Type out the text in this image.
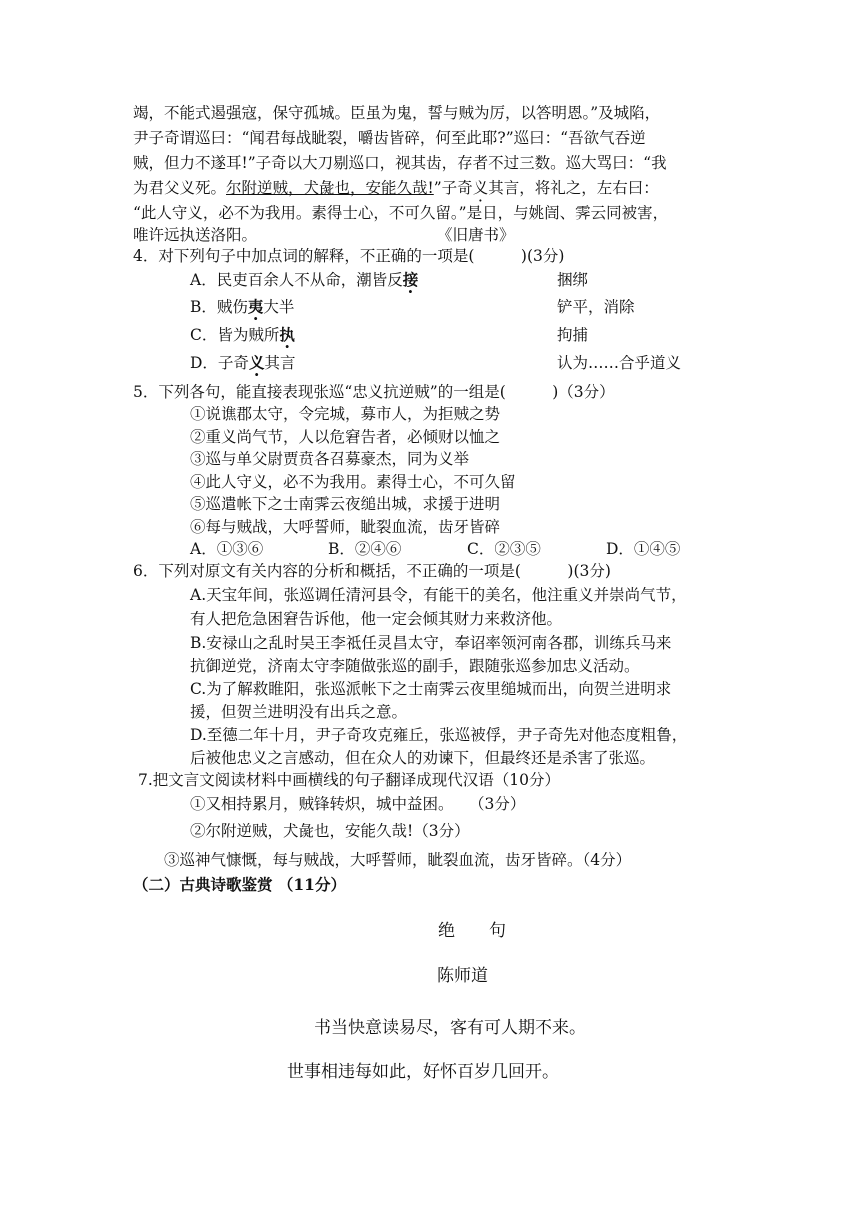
竭，不能式遏强寇，保守孤城。臣虽为鬼，誓与贼为厉，以答明恩。”及城陷，
尹子奇谓巡曰：“闻君每战眦裂，嚼齿皆碎，何至此耶?”巡曰：“吾欲气吞逆
贼，但力不遂耳!”子奇以大刀剔巡口，视其齿，存者不过三数。巡大骂曰：“我
为君父义死。尔附逆贼，犬彘也，安能久哉!”子奇义其言，将礼之，左右曰：
“此人守义，必不为我用。素得士心，不可久留。”是日，与姚訚、霁云同被害，
唯许远执送洛阳。	《旧唐书》
4．对下列句子中加点词的解释，不正确的一项是(　　　)(3分)
A．民吏百余人不从命，潮皆反接	捆绑
B．贼伤夷大半	铲平，消除
C．皆为贼所执	拘捕
D．子奇义其言	认为……合乎道义
5．下列各句，能直接表现张巡“忠义抗逆贼”的一组是(　　　)（3分）
①说谯郡太守，令完城，募市人，为拒贼之势
②重义尚气节，人以危窘告者，必倾财以恤之
③巡与单父尉贾贲各召募豪杰，同为义举
④此人守义，必不为我用。素得士心，不可久留
⑤巡遣帐下之士南霁云夜缒出城，求援于进明
⑥每与贼战，大呼誓师，眦裂血流，齿牙皆碎
A．①③⑥	B．②④⑥	C．②③⑤	D．①④⑤
6．下列对原文有关内容的分析和概括，不正确的一项是(　　　)(3分)
A.天宝年间，张巡调任清河县令，有能干的美名，他注重义并崇尚气节，
有人把危急困窘告诉他，他一定会倾其财力来救济他。
B.安禄山之乱时吴王李祗任灵昌太守，奉诏率领河南各郡，训练兵马来
抗御逆党，济南太守李随做张巡的副手，跟随张巡参加忠义活动。
C.为了解救睢阳，张巡派帐下之士南霁云夜里缒城而出，向贺兰进明求
援，但贺兰进明没有出兵之意。
D.至德二年十月，尹子奇攻克雍丘，张巡被俘，尹子奇先对他态度粗鲁，
后被他忠义之言感动，但在众人的劝谏下，但最终还是杀害了张巡。
7.把文言文阅读材料中画横线的句子翻译成现代汉语（10分）
①又相持累月，贼锋转炽，城中益困。　　（3分）
②尔附逆贼，犬彘也，安能久哉!（3分）
③巡神气慷慨，每与贼战，大呼誓师，眦裂血流，齿牙皆碎。（4分）
（二）古典诗歌鉴赏 （11分）
绝　　句
陈师道
书当快意读易尽，客有可人期不来。
世事相违每如此，好怀百岁几回开。
